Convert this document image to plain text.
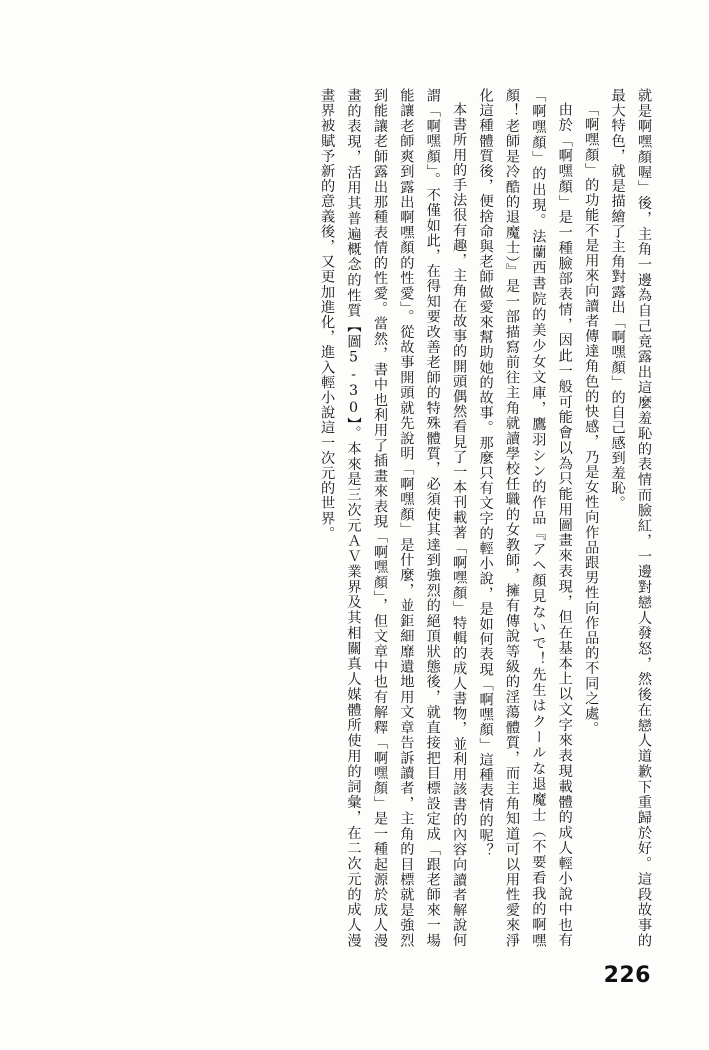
就是啊嘿顏喔」後，主角一邊為自己竟露出這麼羞恥的表情而臉紅，一邊對戀人發怒，然後在戀人道歉下重歸於好。這段故事的最大特色，就是描繪了主角對露出「啊嘿顏」的自己感到羞恥。

「啊嘿顏」的功能不是用來向讀者傳達角色的快感，乃是女性向作品跟男性向作品的不同之處。

由於「啊嘿顏」是一種臉部表情，因此一般可能會以為只能用圖畫來表現，但在基本上以文字來表現載體的成人輕小說中也有「啊嘿顏」的出現。法蘭西書院的美少女文庫，鷹羽シン的作品『アヘ顏見ないで！先生はクールな退魔士（不要看我的啊嘿顏！老師是冷酷的退魔士）』是一部描寫前往主角就讀學校任職的女教師，擁有傳說等級的淫蕩體質，而主角知道可以用性愛來淨化這種體質後，便捨命與老師做愛來幫助她的故事。那麼只有文字的輕小說，是如何表現「啊嘿顏」這種表情的呢？

本書所用的手法很有趣，主角在故事的開頭偶然看見了一本刊載著「啊嘿顏」特輯的成人書物，並利用該書的內容向讀者解說何謂「啊嘿顏」。不僅如此，在得知要改善老師的特殊體質，必須使其達到強烈的絕頂狀態後，就直接把目標設定成「跟老師來一場能讓老師爽到露出啊嘿顏的性愛」。從故事開頭就先說明「啊嘿顏」是什麼，並鉅細靡遺地用文章告訴讀者，主角的目標就是強烈到能讓老師露出那種表情的性愛。當然，書中也利用了插畫來表現「啊嘿顏」，但文章中也有解釋「啊嘿顏」是一種起源於成人漫畫的表現，活用其普遍概念的性質【圖5-30】。本來是三次元ＡＶ業界及其相關真人媒體所使用的詞彙，在二次元的成人漫畫界被賦予新的意義後，又更加進化，進入輕小說這一次元的世界。

226
